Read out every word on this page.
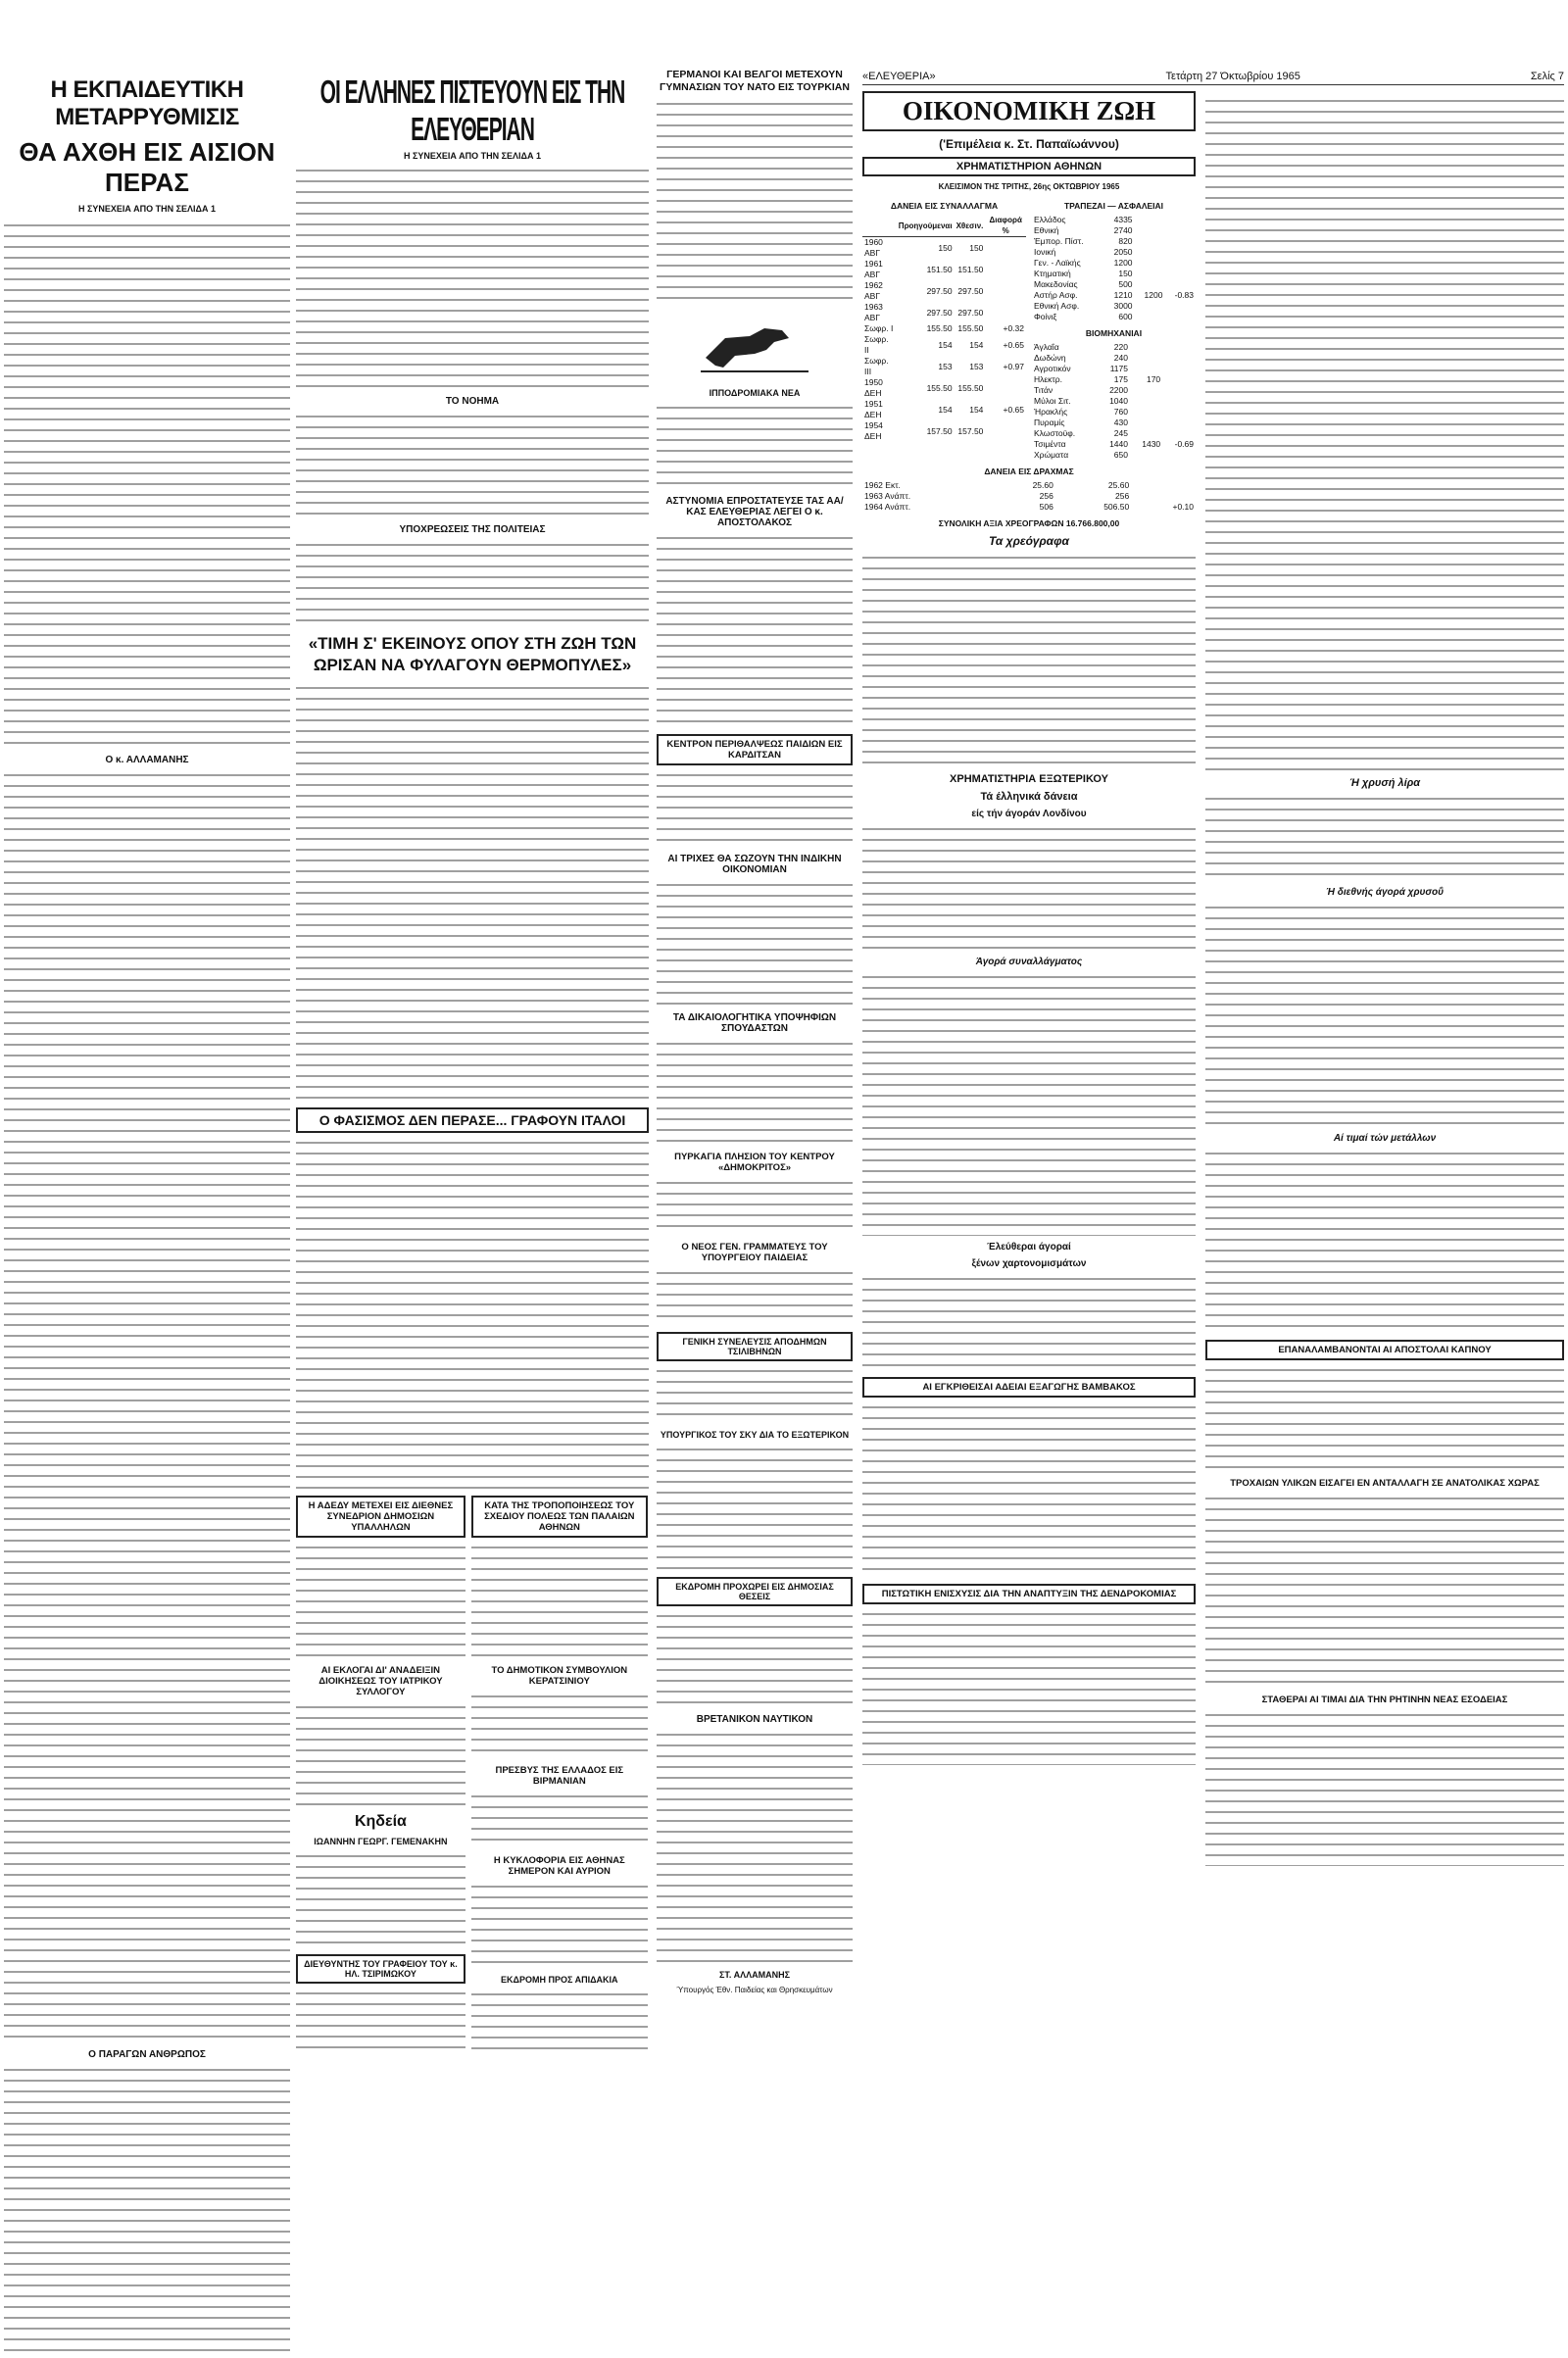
Η ΕΚΠΑΙΔΕΥΤΙΚΗ ΜΕΤΑΡΡΥΘΜΙΣΙΣ
ΘΑ ΑΧΘΗ ΕΙΣ ΑΙΣΙΟΝ ΠΕΡΑΣ
Η ΣΥΝΕΧΕΙΑ ΑΠΟ ΤΗΝ ΣΕΛΙΔΑ 1
Ο κ. ΑΛΛΑΜΑΝΗΣ
Ο ΠΑΡΑΓΩΝ ΑΝΘΡΩΠΟΣ
ΟΙ ΕΛΛΗΝΕΣ ΠΙΣΤΕΥΟΥΝ ΕΙΣ ΤΗΝ ΕΛΕΥΘΕΡΙΑΝ
Η ΣΥΝΕΧΕΙΑ ΑΠΟ ΤΗΝ ΣΕΛΙΔΑ 1
ΤΟ ΝΟΗΜΑ
ΥΠΟΧΡΕΩΣΕΙΣ ΤΗΣ ΠΟΛΙΤΕΙΑΣ
«ΤΙΜΗ Σ' ΕΚΕΙΝΟΥΣ ΟΠΟΥ ΣΤΗ ΖΩΗ ΤΩΝ ΩΡΙΣΑΝ ΝΑ ΦΥΛΑΓΟΥΝ ΘΕΡΜΟΠΥΛΕΣ»
Ο ΦΑΣΙΣΜΟΣ ΔΕΝ ΠΕΡΑΣΕ... ΓΡΑΦΟΥΝ ΙΤΑΛΟΙ
Η ΑΔΕΔΥ ΜΕΤΕΧΕΙ ΕΙΣ ΔΙΕΘΝΕΣ ΣΥΝΕΔΡΙΟΝ ΔΗΜΟΣΙΩΝ ΥΠΑΛΛΗΛΩΝ
ΑΙ ΕΚΛΟΓΑΙ ΔΙ' ΑΝΑΔΕΙΞΙΝ ΔΙΟΙΚΗΣΕΩΣ ΤΟΥ ΙΑΤΡΙΚΟΥ ΣΥΛΛΟΓΟΥ
Κηδεία
ΙΩΑΝΝΗΝ ΓΕΩΡΓ. ΓΕΜΕΝΑΚΗΝ
ΔΙΕΥΘΥΝΤΗΣ ΤΟΥ ΓΡΑΦΕΙΟΥ ΤΟΥ κ. ΗΛ. ΤΣΙΡΙΜΩΚΟΥ
ΚΑΤΑ ΤΗΣ ΤΡΟΠΟΠΟΙΗΣΕΩΣ ΤΟΥ ΣΧΕΔΙΟΥ ΠΟΛΕΩΣ ΤΩΝ ΠΑΛΑΙΩΝ ΑΘΗΝΩΝ
ΤΟ ΔΗΜΟΤΙΚΟΝ ΣΥΜΒΟΥΛΙΟΝ ΚΕΡΑΤΣΙΝΙΟΥ
ΠΡΕΣΒΥΣ ΤΗΣ ΕΛΛΑΔΟΣ ΕΙΣ ΒΙΡΜΑΝΙΑΝ
Η ΚΥΚΛΟΦΟΡΙΑ ΕΙΣ ΑΘΗΝΑΣ ΣΗΜΕΡΟΝ ΚΑΙ ΑΥΡΙΟΝ
ΕΚΔΡΟΜΗ ΠΡΟΣ ΑΠΙΔΑΚΙΑ
ΓΕΡΜΑΝΟΙ ΚΑΙ ΒΕΛΓΟΙ ΜΕΤΕΧΟΥΝ ΓΥΜΝΑΣΙΩΝ ΤΟΥ ΝΑΤΟ ΕΙΣ ΤΟΥΡΚΙΑΝ
ΙΠΠΟΔΡΟΜΙΑΚΑ ΝΕΑ
ΑΣΤΥΝΟΜΙΑ ΕΠΡΟΣΤΑΤΕΥΣΕ ΤΑΣ ΑΑ/ΚΑΣ ΕΛΕΥΘΕΡΙΑΣ ΛΕΓΕΙ Ο κ. ΑΠΟΣΤΟΛΑΚΟΣ
ΚΕΝΤΡΟΝ ΠΕΡΙΘΑΛΨΕΩΣ ΠΑΙΔΙΩΝ ΕΙΣ ΚΑΡΔΙΤΣΑΝ
ΑΙ ΤΡΙΧΕΣ ΘΑ ΣΩΖΟΥΝ ΤΗΝ ΙΝΔΙΚΗΝ ΟΙΚΟΝΟΜΙΑΝ
ΤΑ ΔΙΚΑΙΟΛΟΓΗΤΙΚΑ ΥΠΟΨΗΦΙΩΝ ΣΠΟΥΔΑΣΤΩΝ
ΠΥΡΚΑΓΙΑ ΠΛΗΣΙΟΝ ΤΟΥ ΚΕΝΤΡΟΥ «ΔΗΜΟΚΡΙΤΟΣ»
Ο ΝΕΟΣ ΓΕΝ. ΓΡΑΜΜΑΤΕΥΣ ΤΟΥ ΥΠΟΥΡΓΕΙΟΥ ΠΑΙΔΕΙΑΣ
ΓΕΝΙΚΗ ΣΥΝΕΛΕΥΣΙΣ ΑΠΟΔΗΜΩΝ ΤΣΙΛΙΒΗΝΩΝ
ΥΠΟΥΡΓΙΚΟΣ ΤΟΥ ΣΚΥ ΔΙΑ ΤΟ ΕΞΩΤΕΡΙΚΟΝ
ΕΚΔΡΟΜΗ ΠΡΟΧΩΡΕΙ ΕΙΣ ΔΗΜΟΣΙΑΣ ΘΕΣΕΙΣ
ΒΡΕΤΑΝΙΚΟΝ ΝΑΥΤΙΚΟΝ
ΣΤ. ΑΛΛΑΜΑΝΗΣ
Ύπουργός Έθν. Παιδείας και Θρησκευμάτων
«ΕΛΕΥΘΕΡΙΑ»	Τετάρτη 27 Όκτωβρίου 1965	Σελίς 7
ΟΙΚΟΝΟΜΙΚΗ ΖΩΗ
('Επιμέλεια κ. Στ. Παπαϊωάννου)
ΧΡΗΜΑΤΙΣΤΗΡΙΟΝ ΑΘΗΝΩΝ
ΚΛΕΙΣΙΜΟΝ ΤΗΣ ΤΡΙΤΗΣ, 26ης ΟΚΤΩΒΡΙΟΥ 1965
ΔΑΝΕΙΑ ΕΙΣ ΣΥΝΑΛΛΑΓΜΑ
	Προηγούμεναι	Χθεσιν.	Διαφορά %
1960 ΑΒΓ	150	150	
1961 ΑΒΓ	151.50	151.50	
1962 ΑΒΓ	297.50	297.50	
1963 ΑΒΓ	297.50	297.50	
Σωφρ. Ι	155.50	155.50	+0.32
Σωφρ. ΙΙ	154	154	+0.65
Σωφρ. ΙΙΙ	153	153	+0.97
1950 ΔΕΗ	155.50	155.50	
1951 ΔΕΗ	154	154	+0.65
1954 ΔΕΗ	157.50	157.50	
ΤΡΑΠΕΖΑΙ — ΑΣΦΑΛΕΙΑΙ
Ελλάδος	4335		
Εθνική	2740		
Έμπορ. Πίστ.	820		
Ιονική	2050		
Γεν. - Λαϊκής	1200		
Κτηματική	150		
Μακεδονίας	500		
Αστήρ Ασφ.	1210	1200	-0.83
Εθνική Ασφ.	3000		
Φοίνιξ	600		
ΒΙΟΜΗΧΑΝΙΑΙ
Άγλαΐα	220		
Δωδώνη	240		
Αγροτικόν	1175		
Ηλεκτρ.	175	170	
Τιτάν	2200		
Μύλοι Σιτ.	1040		
Ήρακλής	760		
Πυραμίς	430		
Κλωστοϋφ.	245		
Τσιμέντα	1440	1430	-0.69
Χρώματα	650		
ΔΑΝΕΙΑ ΕΙΣ ΔΡΑΧΜΑΣ
1962 Εκτ.	25.60	25.60	
1963 Ανάπτ.	256	256	
1964 Ανάπτ.	506	506.50	+0.10
ΣΥΝΟΛΙΚΗ ΑΞΙΑ ΧΡΕΟΓΡΑΦΩΝ 16.766.800,00
Τα χρεόγραφα
ΧΡΗΜΑΤΙΣΤΗΡΙΑ ΕΞΩΤΕΡΙΚΟΥ
Τά έλληνικά δάνεια
είς τήν άγοράν Λονδίνου
Άγορά συναλλάγματος
Έλεύθεραι άγοραί
ξένων χαρτονομισμάτων
ΑΙ ΕΓΚΡΙΘΕΙΣΑΙ ΑΔΕΙΑΙ ΕΞΑΓΩΓΗΣ ΒΑΜΒΑΚΟΣ
ΠΙΣΤΩΤΙΚΗ ΕΝΙΣΧΥΣΙΣ ΔΙΑ ΤΗΝ ΑΝΑΠΤΥΞΙΝ ΤΗΣ ΔΕΝΔΡΟΚΟΜΙΑΣ
Ή χρυσή λίρα
Ή διεθνής άγορά χρυσοΰ
Αί τιμαί τών μετάλλων
ΕΠΑΝΑΛΑΜΒΑΝΟΝΤΑΙ ΑΙ ΑΠΟΣΤΟΛΑΙ ΚΑΠΝΟΥ
ΤΡΟΧΑΙΩΝ ΥΛΙΚΩΝ ΕΙΣΑΓΕΙ ΕΝ ΑΝΤΑΛΛΑΓΗ ΣΕ ΑΝΑΤΟΛΙΚΑΣ ΧΩΡΑΣ
ΣΤΑΘΕΡΑΙ ΑΙ ΤΙΜΑΙ ΔΙΑ ΤΗΝ ΡΗΤΙΝΗΝ ΝΕΑΣ ΕΣΟΔΕΙΑΣ
